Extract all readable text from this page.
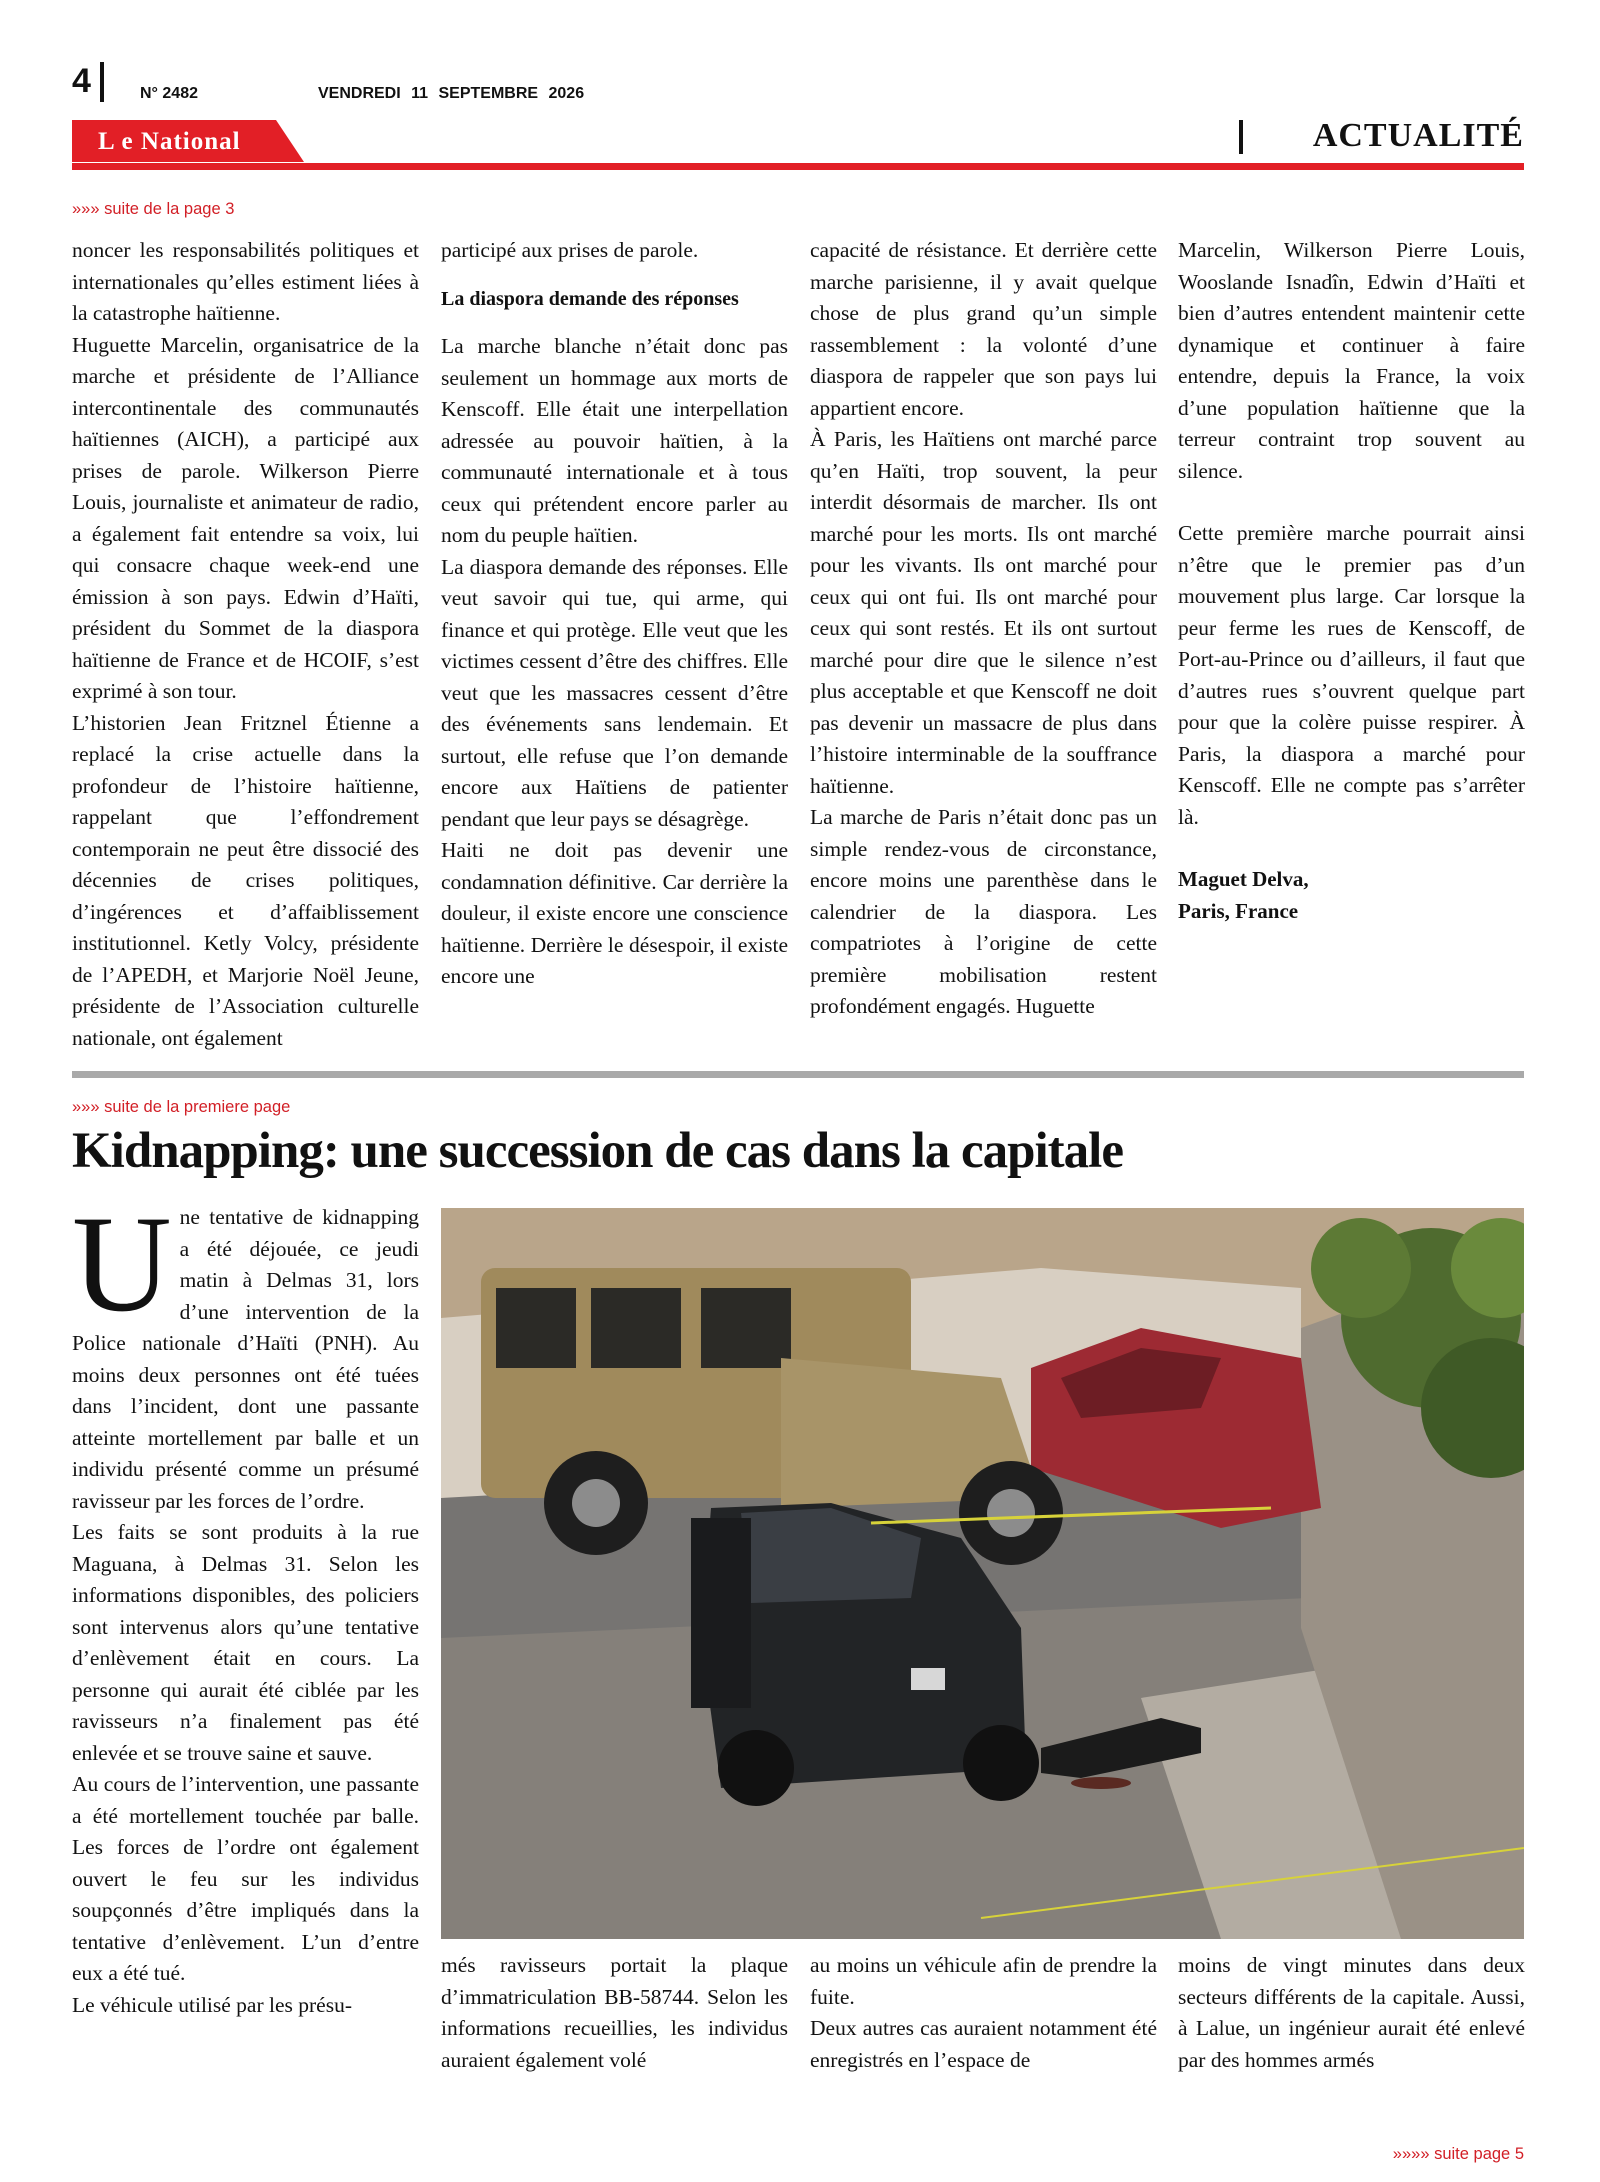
4	N° 2482	VENDREDI 11 SEPTEMBRE 2026
L e National	ACTUALITÉ
»»» suite de la page 3

noncer les responsabilités politiques et internationales qu’elles estiment liées à la catastrophe haïtienne.

Huguette Marcelin, organisatrice de la marche et présidente de l’Alliance intercontinentale des communautés haïtiennes (AICH), a participé aux prises de parole. Wilkerson Pierre Louis, journaliste et animateur de radio, a également fait entendre sa voix, lui qui consacre chaque week-end une émission à son pays. Edwin d’Haïti, président du Sommet de la diaspora haïtienne de France et de HCOIF, s’est exprimé à son tour.

L’historien Jean Fritznel Étienne a replacé la crise actuelle dans la profondeur de l’histoire haïtienne, rappelant que l’effondrement contemporain ne peut être dissocié des décennies de crises politiques, d’ingérences et d’affaiblissement institutionnel. Ketly Volcy, présidente de l’APEDH, et Marjorie Noël Jeune, présidente de l’Association culturelle nationale, ont également

participé aux prises de parole.

La diaspora demande des réponses

La marche blanche n’était donc pas seulement un hommage aux morts de Kenscoff. Elle était une interpellation adressée au pouvoir haïtien, à la communauté internationale et à tous ceux qui prétendent encore parler au nom du peuple haïtien.

La diaspora demande des réponses. Elle veut savoir qui tue, qui arme, qui finance et qui protège. Elle veut que les victimes cessent d’être des chiffres. Elle veut que les massacres cessent d’être des événements sans lendemain. Et surtout, elle refuse que l’on demande encore aux Haïtiens de patienter pendant que leur pays se désagrège.

Haiti ne doit pas devenir une condamnation définitive. Car derrière la douleur, il existe encore une conscience haïtienne. Derrière le désespoir, il existe encore une

capacité de résistance. Et derrière cette marche parisienne, il y avait quelque chose de plus grand qu’un simple rassemblement : la volonté d’une diaspora de rappeler que son pays lui appartient encore.

À Paris, les Haïtiens ont marché parce qu’en Haïti, trop souvent, la peur interdit désormais de marcher. Ils ont marché pour les morts. Ils ont marché pour les vivants. Ils ont marché pour ceux qui ont fui. Ils ont marché pour ceux qui sont restés. Et ils ont surtout marché pour dire que le silence n’est plus acceptable et que Kenscoff ne doit pas devenir un massacre de plus dans l’histoire interminable de la souffrance haïtienne.

La marche de Paris n’était donc pas un simple rendez-vous de circonstance, encore moins une parenthèse dans le calendrier de la diaspora. Les compatriotes à l’origine de cette première mobilisation restent profondément engagés. Huguette

Marcelin, Wilkerson Pierre Louis, Wooslande Isnadîn, Edwin d’Haïti et bien d’autres entendent maintenir cette dynamique et continuer à faire entendre, depuis la France, la voix d’une population haïtienne que la terreur contraint trop souvent au silence.

Cette première marche pourrait ainsi n’être que le premier pas d’un mouvement plus large. Car lorsque la peur ferme les rues de Kenscoff, de Port-au-Prince ou d’ailleurs, il faut que d’autres rues s’ouvrent quelque part pour que la colère puisse respirer. À Paris, la diaspora a marché pour Kenscoff. Elle ne compte pas s’arrêter là.

Maguet Delva,

Paris, France

»»» suite de la premiere page
Kidnapping: une succession de cas dans la capitale

Une tentative de kidnapping a été déjouée, ce jeudi matin à Delmas 31, lors d’une intervention de la Police nationale d’Haïti (PNH). Au moins deux personnes ont été tuées dans l’incident, dont une passante atteinte mortellement par balle et un individu présenté comme un présumé ravisseur par les forces de l’ordre.

Les faits se sont produits à la rue Maguana, à Delmas 31. Selon les informations disponibles, des policiers sont intervenus alors qu’une tentative d’enlèvement était en cours. La personne qui aurait été ciblée par les ravisseurs n’a finalement pas été enlevée et se trouve saine et sauve.

Au cours de l’intervention, une passante a été mortellement touchée par balle. Les forces de l’ordre ont également ouvert le feu sur les individus soupçonnés d’être impliqués dans la tentative d’enlèvement. L’un d’entre eux a été tué.

Le véhicule utilisé par les présu-

més ravisseurs portait la plaque d’immatriculation BB-58744. Selon les informations recueillies, les individus auraient également volé

au moins un véhicule afin de prendre la fuite.

Deux autres cas auraient notamment été enregistrés en l’espace de

moins de vingt minutes dans deux secteurs différents de la capitale. Aussi, à Lalue, un ingénieur aurait été enlevé par des hommes armés

»»»» suite page 5
